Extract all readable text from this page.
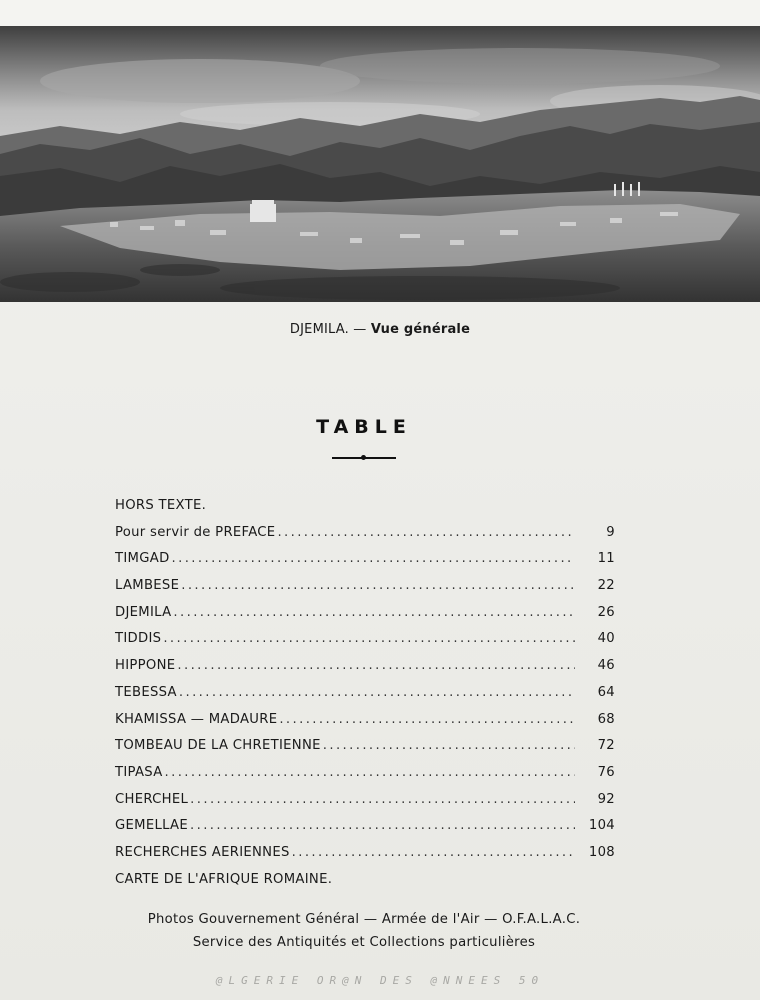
DJEMILA. — Vue générale
TABLE
HORS TEXTE.
Pour servir de PREFACE .....	9
TIMGAD .....	11
LAMBESE .....	22
DJEMILA .....	26
TIDDIS .....	40
HIPPONE .....	46
TEBESSA .....	64
KHAMISSA — MADAURE .....	68
TOMBEAU DE LA CHRETIENNE .....	72
TIPASA .....	76
CHERCHEL .....	92
GEMELLAE .....	104
RECHERCHES AERIENNES .....	108
CARTE DE L'AFRIQUE ROMAINE.
Photos Gouvernement Général — Armée de l'Air — O.F.A.L.A.C.
Service des Antiquités et Collections particulières
@LGERIE OR@N DES @NNEES 50
